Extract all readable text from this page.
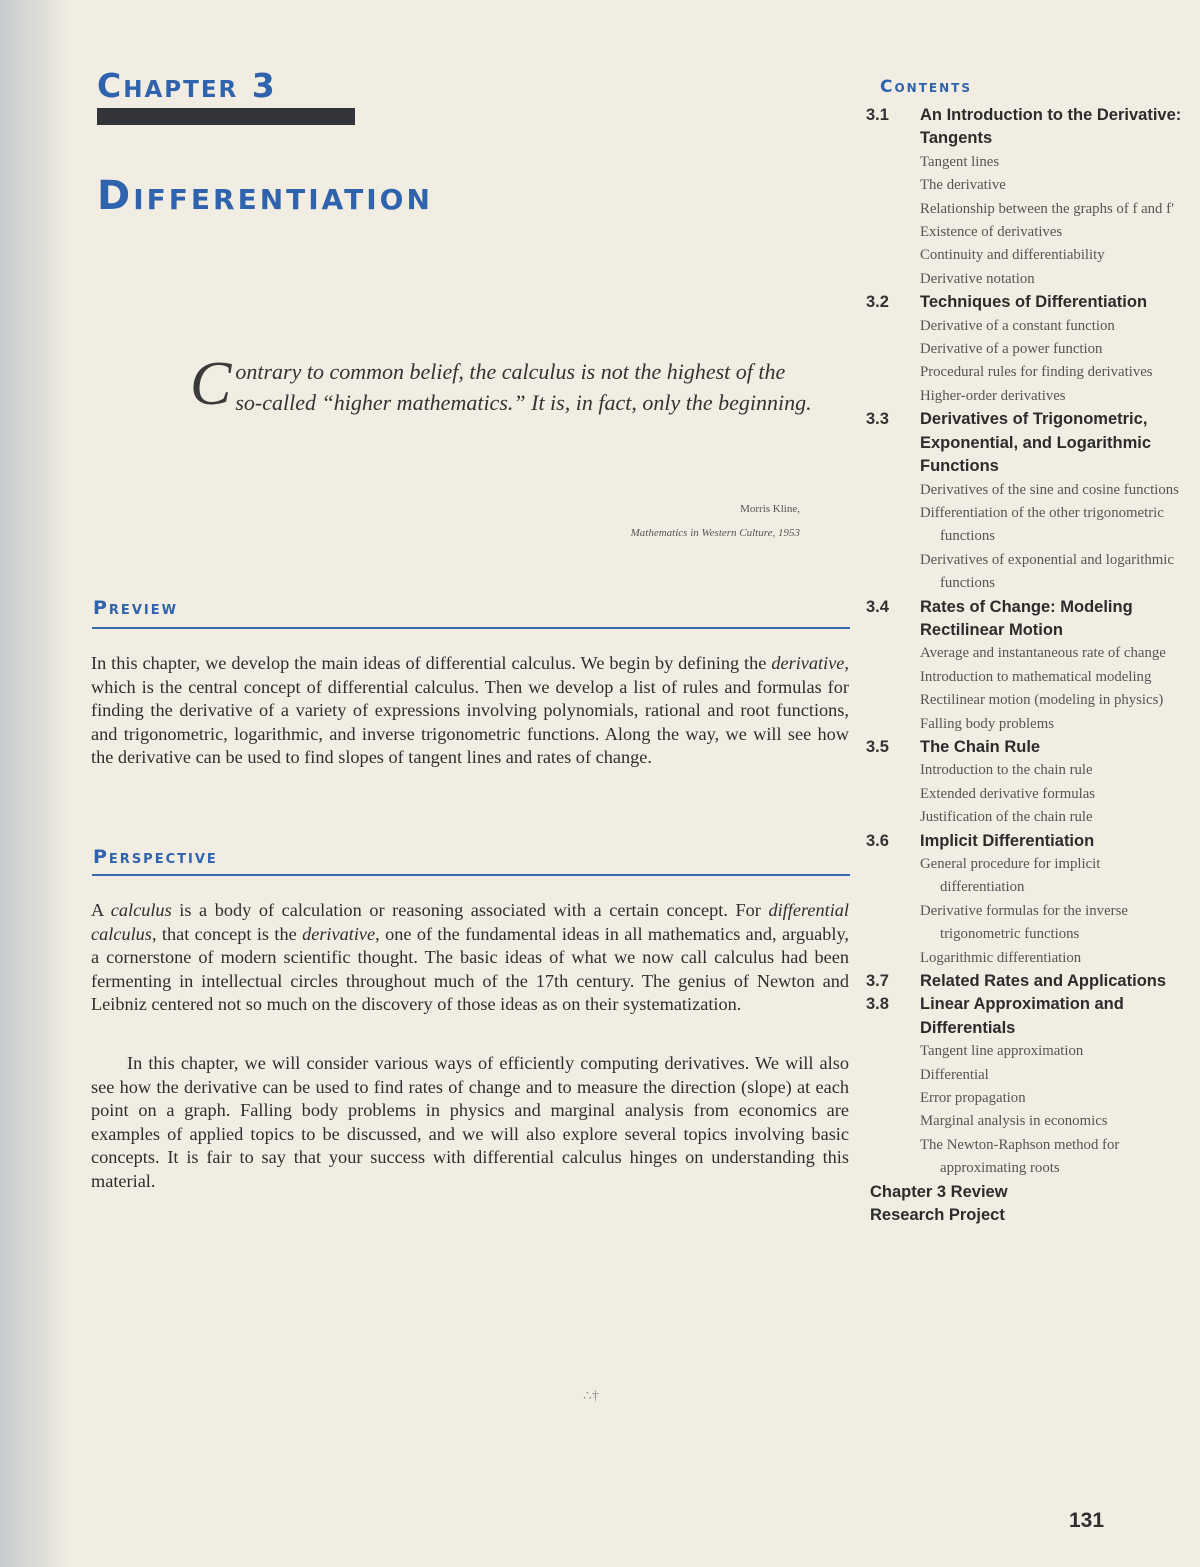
Chapter 3
Differentiation

Contrary to common belief, the calculus is not the highest of the so-called “higher mathematics.” It is, in fact, only the beginning.

Morris Kline,

Mathematics in Western Culture, 1953

Preview

In this chapter, we develop the main ideas of differential calculus. We begin by defining the derivative, which is the central concept of differential calculus. Then we develop a list of rules and formulas for finding the derivative of a variety of expressions involving polynomials, rational and root functions, and trigonometric, logarithmic, and inverse trigonometric functions. Along the way, we will see how the derivative can be used to find slopes of tangent lines and rates of change.

Perspective

A calculus is a body of calculation or reasoning associated with a certain concept. For differential calculus, that concept is the derivative, one of the fundamental ideas in all mathematics and, arguably, a cornerstone of modern scientific thought. The basic ideas of what we now call calculus had been fermenting in intellectual circles throughout much of the 17th century. The genius of Newton and Leibniz centered not so much on the discovery of those ideas as on their systematization.

In this chapter, we will consider various ways of efficiently computing derivatives. We will also see how the derivative can be used to find rates of change and to measure the direction (slope) at each point on a graph. Falling body problems in physics and marginal analysis from economics are examples of applied topics to be discussed, and we will also explore several topics involving basic concepts. It is fair to say that your success with differential calculus hinges on understanding this material.

∴†

Contents
3.1	An Introduction to the Derivative: Tangents
Tangent lines
The derivative
Relationship between the graphs of f and f′
Existence of derivatives
Continuity and differentiability
Derivative notation
3.2	Techniques of Differentiation
Derivative of a constant function
Derivative of a power function
Procedural rules for finding derivatives
Higher-order derivatives
3.3	Derivatives of Trigonometric, Exponential, and Logarithmic Functions
Derivatives of the sine and cosine functions
Differentiation of the other trigonometric functions
Derivatives of exponential and logarithmic functions
3.4	Rates of Change: Modeling Rectilinear Motion
Average and instantaneous rate of change
Introduction to mathematical modeling
Rectilinear motion (modeling in physics)
Falling body problems
3.5	The Chain Rule
Introduction to the chain rule
Extended derivative formulas
Justification of the chain rule
3.6	Implicit Differentiation
General procedure for implicit differentiation
Derivative formulas for the inverse trigonometric functions
Logarithmic differentiation
3.7	Related Rates and Applications
3.8	Linear Approximation and Differentials
Tangent line approximation
Differential
Error propagation
Marginal analysis in economics
The Newton-Raphson method for approximating roots
Chapter 3 Review
Research Project

131
